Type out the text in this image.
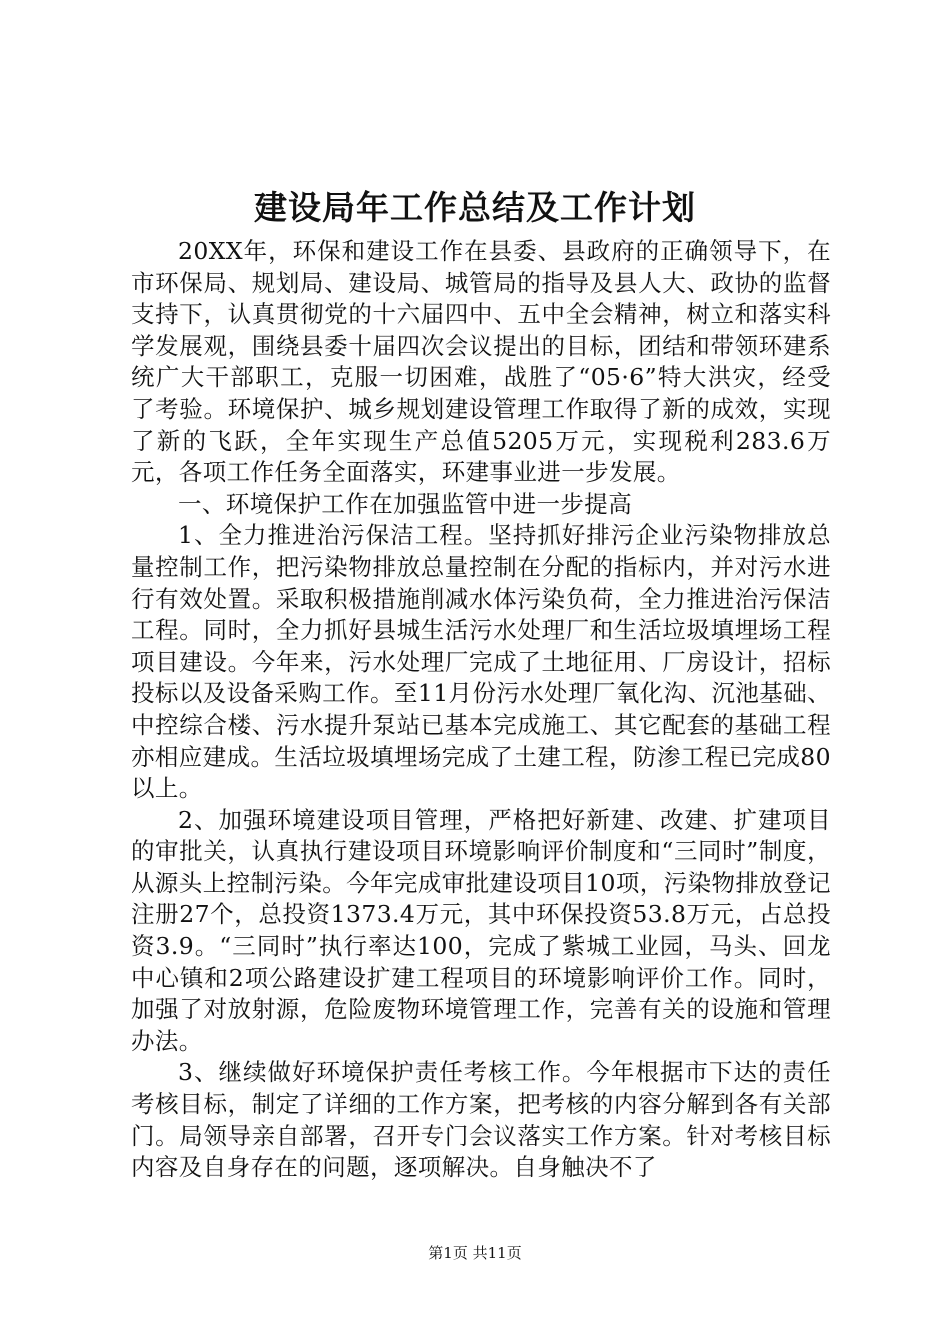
建设局年工作总结及工作计划

20XX年，环保和建设工作在县委、县政府的正确领导下，在市环保局、规划局、建设局、城管局的指导及县人大、政协的监督支持下，认真贯彻党的十六届四中、五中全会精神，树立和落实科学发展观，围绕县委十届四次会议提出的目标，团结和带领环建系统广大干部职工，克服一切困难，战胜了“05·6”特大洪灾，经受了考验。环境保护、城乡规划建设管理工作取得了新的成效，实现了新的飞跃，全年实现生产总值5205万元，实现税利283.6万元，各项工作任务全面落实，环建事业进一步发展。

一、环境保护工作在加强监管中进一步提高

1、全力推进治污保洁工程。坚持抓好排污企业污染物排放总量控制工作，把污染物排放总量控制在分配的指标内，并对污水进行有效处置。采取积极措施削减水体污染负荷，全力推进治污保洁工程。同时，全力抓好县城生活污水处理厂和生活垃圾填埋场工程项目建设。今年来，污水处理厂完成了土地征用、厂房设计，招标投标以及设备采购工作。至11月份污水处理厂氧化沟、沉池基础、中控综合楼、污水提升泵站已基本完成施工、其它配套的基础工程亦相应建成。生活垃圾填埋场完成了土建工程，防渗工程已完成80以上。

2、加强环境建设项目管理，严格把好新建、改建、扩建项目的审批关，认真执行建设项目环境影响评价制度和“三同时”制度，从源头上控制污染。今年完成审批建设项目10项，污染物排放登记注册27个，总投资1373.4万元，其中环保投资53.8万元，占总投资3.9。“三同时”执行率达100，完成了紫城工业园，马头、回龙中心镇和2项公路建设扩建工程项目的环境影响评价工作。同时，加强了对放射源，危险废物环境管理工作，完善有关的设施和管理办法。

3、继续做好环境保护责任考核工作。今年根据市下达的责任考核目标，制定了详细的工作方案，把考核的内容分解到各有关部门。局领导亲自部署，召开专门会议落实工作方案。针对考核目标内容及自身存在的问题，逐项解决。自身触决不了

第1页 共11页
